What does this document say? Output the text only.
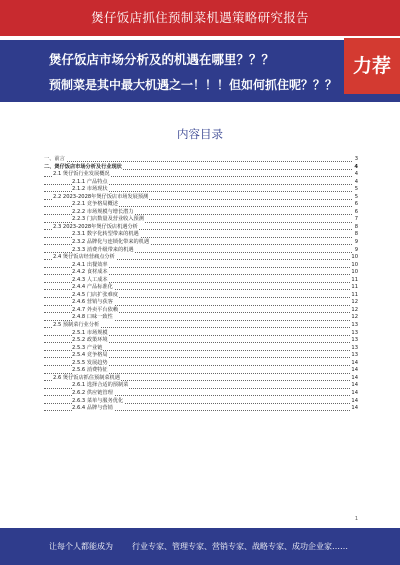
煲仔饭店抓住预制菜机遇策略研究报告
煲仔饭店市场分析及的机遇在哪里？？？
预制菜是其中最大机遇之一！！！但如何抓住呢？？？
力荐
内容目录
一、前言	3
二、煲仔饭店市场分析及行业现状	4
2.1 煲仔饭行业发展概况	4
2.1.1 产品特点	4
2.1.2 市场现状	5
2.2 2023-2028年煲仔饭店市场发展预测	5
2.2.1 竞争格局概述	6
2.2.2 市场规模与增长潜力	6
2.2.3 门店数量及营业收入预测	7
2.3 2023-2028年煲仔饭店机遇分析	8
2.3.1 数字化转型带来的机遇	8
2.3.2 品牌化与连锁化带来的机遇	9
2.3.3 消费升级带来的机遇	9
2.4 煲仔饭店经营痛点分析	10
2.4.1 出餐效率	10
2.4.2 食材成本	10
2.4.3 人工成本	11
2.4.4 产品标准化	11
2.4.5 门店扩张难度	11
2.4.6 营销与获客	12
2.4.7 外卖平台依赖	12
2.4.8 口味一致性	12
2.5 预制菜行业分析	13
2.5.1 市场规模	13
2.5.2 政策环境	13
2.5.3 产业链	13
2.5.4 竞争格局	13
2.5.5 发展趋势	14
2.5.6 消费特征	14
2.6 煲仔饭店抓住预制菜机遇	14
2.6.1 选择合适的预制菜	14
2.6.2 供应链管理	14
2.6.3 菜单与服务优化	14
2.6.4 品牌与营销	14
1
让每个人都能成为 行业专家、管理专家、营销专家、战略专家、成功企业家……
